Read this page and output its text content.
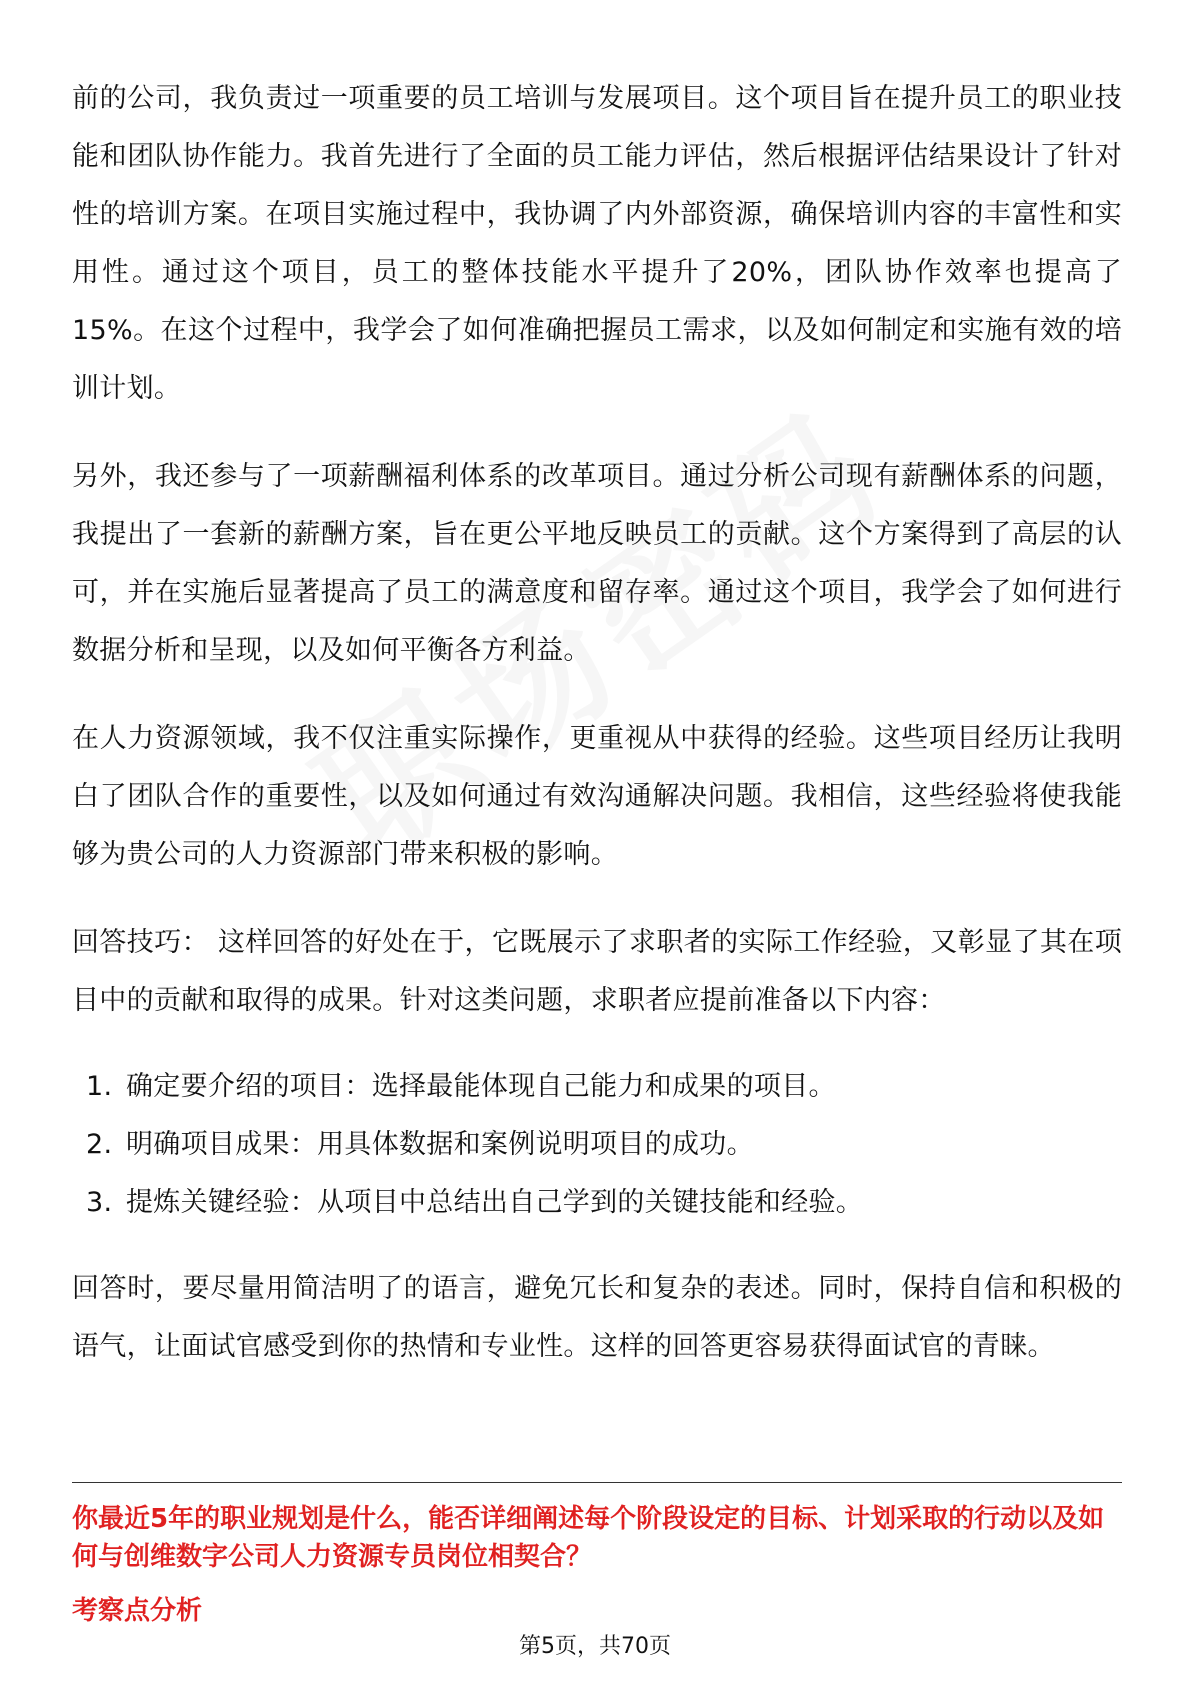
前的公司，我负责过一项重要的员工培训与发展项目。这个项目旨在提升员工的职业技能和团队协作能力。我首先进行了全面的员工能力评估，然后根据评估结果设计了针对性的培训方案。在项目实施过程中，我协调了内外部资源，确保培训内容的丰富性和实用性。通过这个项目，员工的整体技能水平提升了20%，团队协作效率也提高了15%。在这个过程中，我学会了如何准确把握员工需求，以及如何制定和实施有效的培训计划。

另外，我还参与了一项薪酬福利体系的改革项目。通过分析公司现有薪酬体系的问题，我提出了一套新的薪酬方案，旨在更公平地反映员工的贡献。这个方案得到了高层的认可，并在实施后显著提高了员工的满意度和留存率。通过这个项目，我学会了如何进行数据分析和呈现，以及如何平衡各方利益。

在人力资源领域，我不仅注重实际操作，更重视从中获得的经验。这些项目经历让我明白了团队合作的重要性，以及如何通过有效沟通解决问题。我相信，这些经验将使我能够为贵公司的人力资源部门带来积极的影响。

回答技巧： 这样回答的好处在于，它既展示了求职者的实际工作经验，又彰显了其在项目中的贡献和取得的成果。针对这类问题，求职者应提前准备以下内容：

1. 确定要介绍的项目：选择最能体现自己能力和成果的项目。
2. 明确项目成果：用具体数据和案例说明项目的成功。
3. 提炼关键经验：从项目中总结出自己学到的关键技能和经验。

回答时，要尽量用简洁明了的语言，避免冗长和复杂的表述。同时，保持自信和积极的语气，让面试官感受到你的热情和专业性。这样的回答更容易获得面试官的青睐。

你最近5年的职业规划是什么，能否详细阐述每个阶段设定的目标、计划采取的行动以及如何与创维数字公司人力资源专员岗位相契合？
考察点分析
第5页，共70页
